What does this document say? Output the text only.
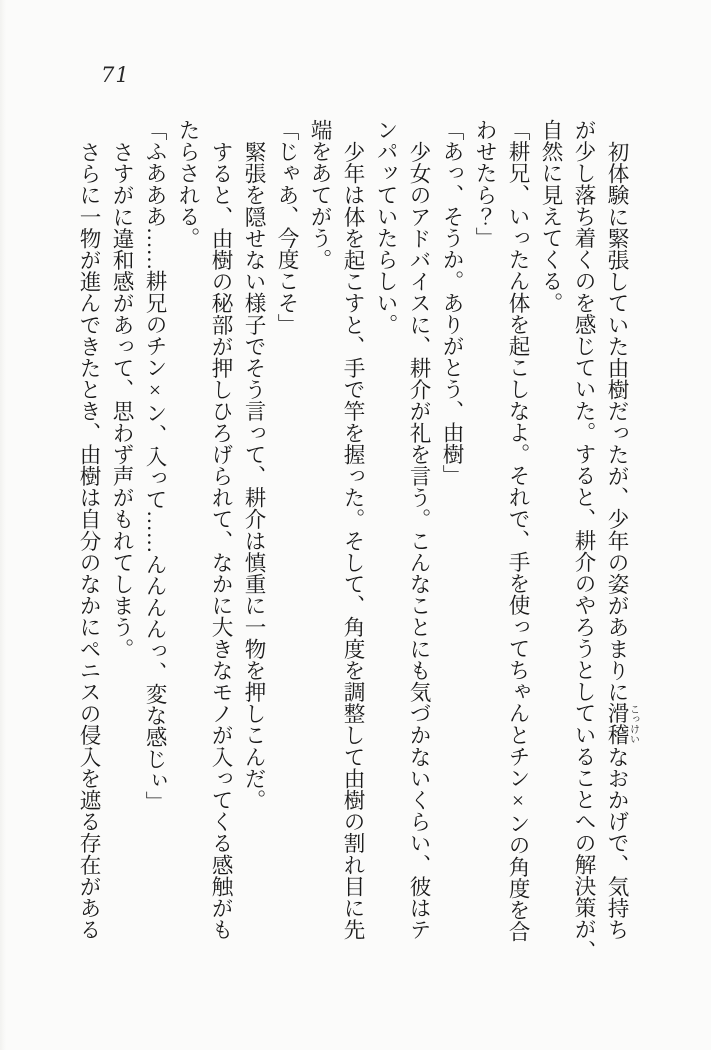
71
初体験に緊張していた由樹だったが、少年の姿があまりに滑稽こっけいなおかげで、気持ち
が少し落ち着くのを感じていた。すると、耕介のやろうとしていることへの解決策が、
自然に見えてくる。
「耕兄、いったん体を起こしなよ。それで、手を使ってちゃんとチン×ンの角度を合
わせたら？」
「あっ、そうか。ありがとう、由樹」
少女のアドバイスに、耕介が礼を言う。こんなことにも気づかないくらい、彼はテ
ンパッていたらしい。
少年は体を起こすと、手で竿を握った。そして、角度を調整して由樹の割れ目に先
端をあてがう。
「じゃあ、今度こそ」
緊張を隠せない様子でそう言って、耕介は慎重に一物を押しこんだ。
すると、由樹の秘部が押しひろげられて、なかに大きなモノが入ってくる感触がも
たらされる。
「ふあああ……耕兄のチン×ン、入って……んんんんっ、変な感じぃ」
さすがに違和感があって、思わず声がもれてしまう。
さらに一物が進んできたとき、由樹は自分のなかにペニスの侵入を遮る存在がある
